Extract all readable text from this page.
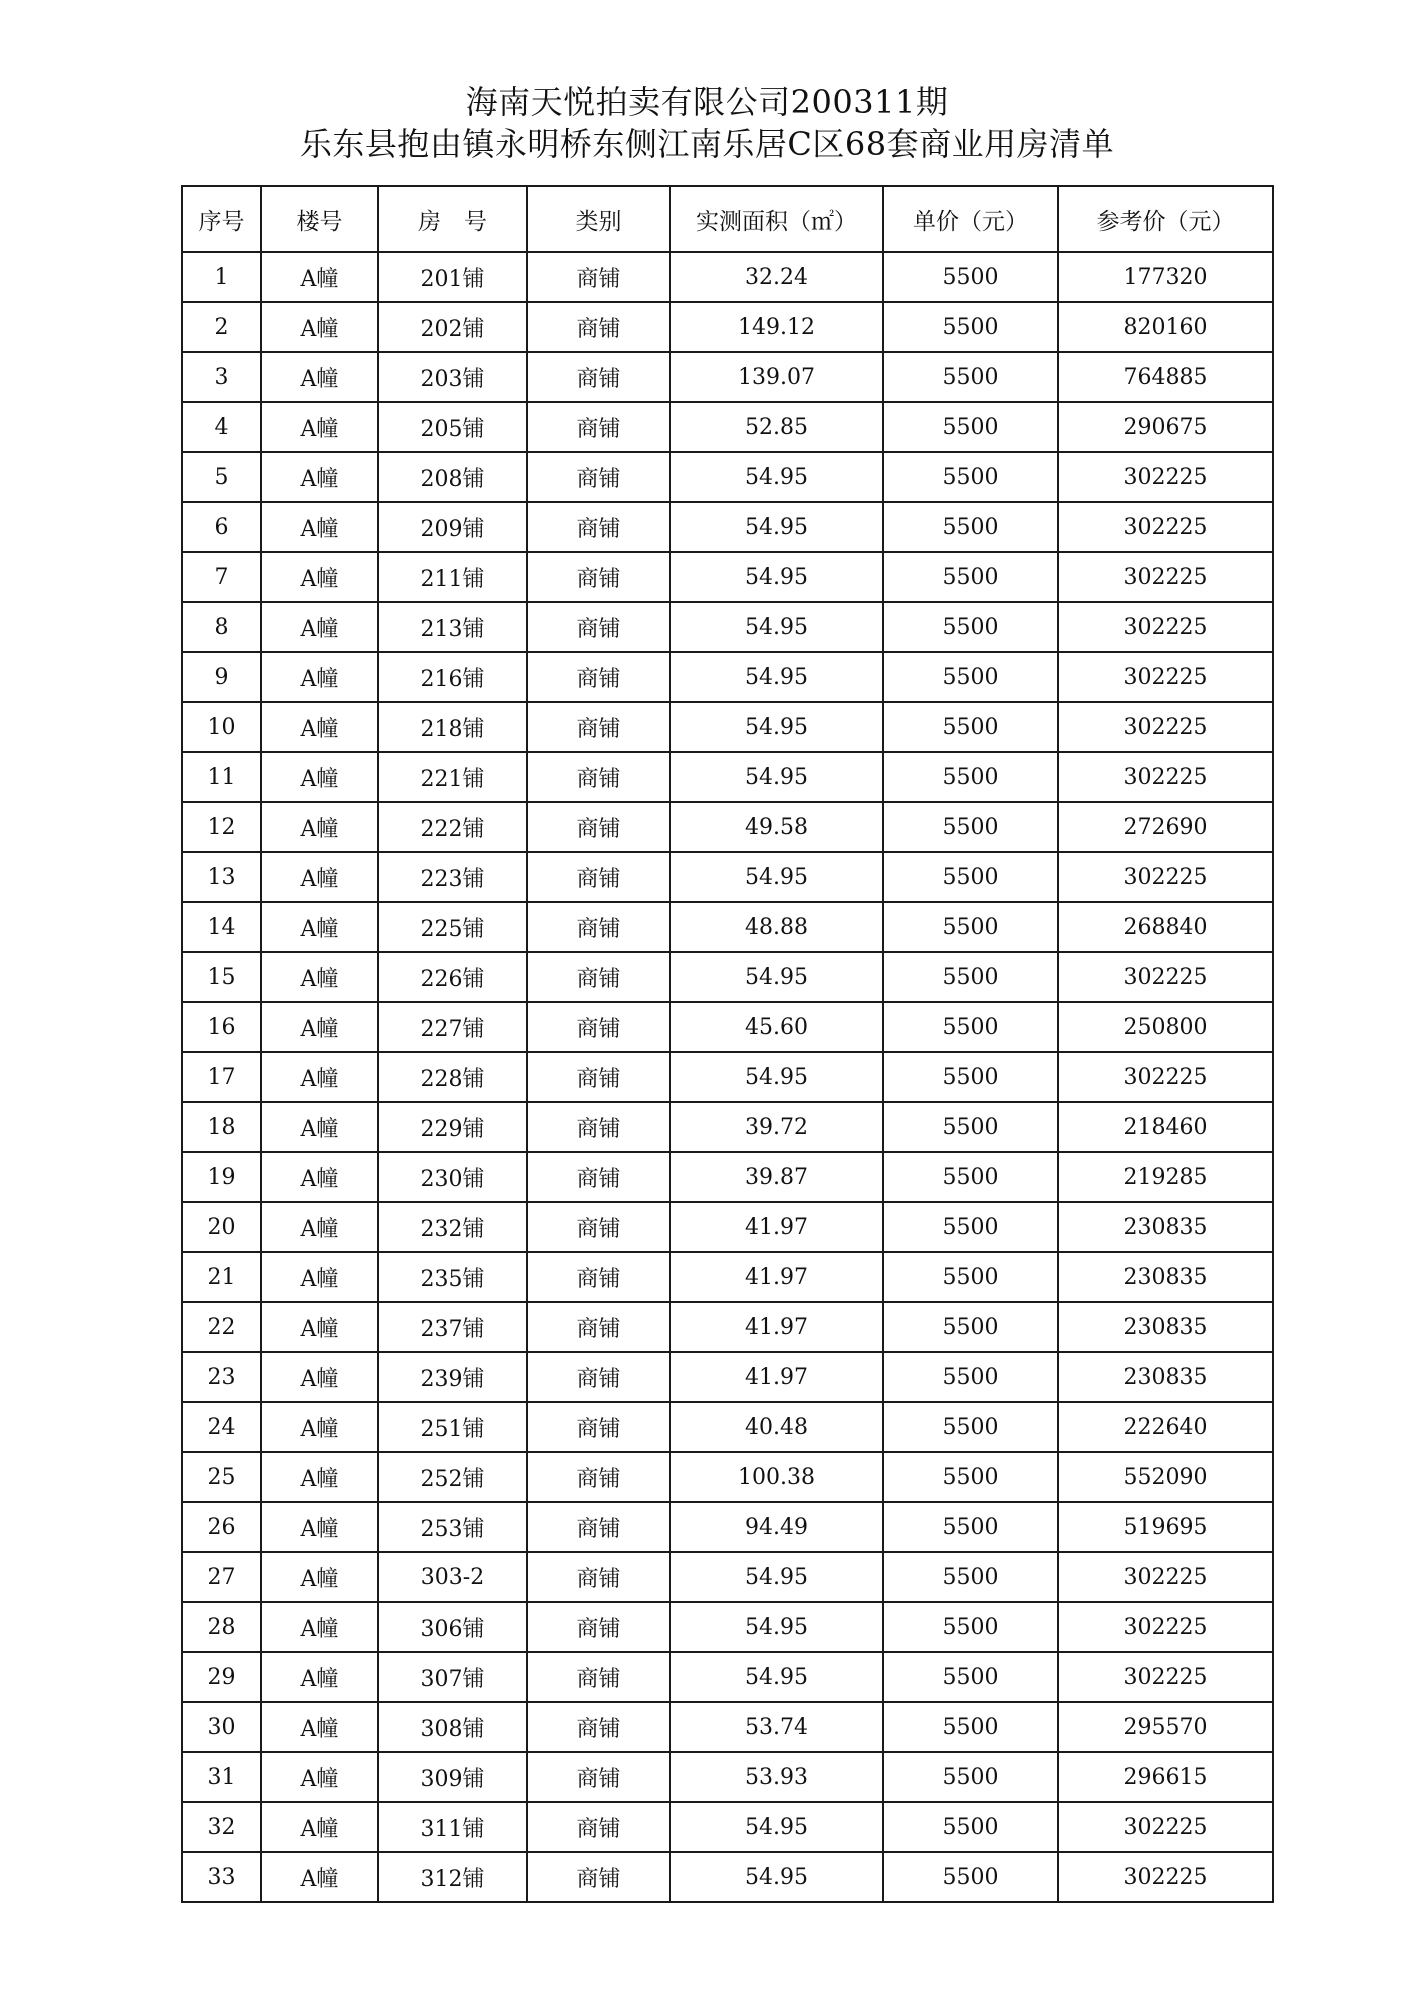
海南天悦拍卖有限公司200311期
乐东县抱由镇永明桥东侧江南乐居C区68套商业用房清单
序号	楼号	房　号	类别	实测面积（㎡）	单价（元）	参考价（元）
1	A幢	201铺	商铺	32.24	5500	177320
2	A幢	202铺	商铺	149.12	5500	820160
3	A幢	203铺	商铺	139.07	5500	764885
4	A幢	205铺	商铺	52.85	5500	290675
5	A幢	208铺	商铺	54.95	5500	302225
6	A幢	209铺	商铺	54.95	5500	302225
7	A幢	211铺	商铺	54.95	5500	302225
8	A幢	213铺	商铺	54.95	5500	302225
9	A幢	216铺	商铺	54.95	5500	302225
10	A幢	218铺	商铺	54.95	5500	302225
11	A幢	221铺	商铺	54.95	5500	302225
12	A幢	222铺	商铺	49.58	5500	272690
13	A幢	223铺	商铺	54.95	5500	302225
14	A幢	225铺	商铺	48.88	5500	268840
15	A幢	226铺	商铺	54.95	5500	302225
16	A幢	227铺	商铺	45.60	5500	250800
17	A幢	228铺	商铺	54.95	5500	302225
18	A幢	229铺	商铺	39.72	5500	218460
19	A幢	230铺	商铺	39.87	5500	219285
20	A幢	232铺	商铺	41.97	5500	230835
21	A幢	235铺	商铺	41.97	5500	230835
22	A幢	237铺	商铺	41.97	5500	230835
23	A幢	239铺	商铺	41.97	5500	230835
24	A幢	251铺	商铺	40.48	5500	222640
25	A幢	252铺	商铺	100.38	5500	552090
26	A幢	253铺	商铺	94.49	5500	519695
27	A幢	303-2	商铺	54.95	5500	302225
28	A幢	306铺	商铺	54.95	5500	302225
29	A幢	307铺	商铺	54.95	5500	302225
30	A幢	308铺	商铺	53.74	5500	295570
31	A幢	309铺	商铺	53.93	5500	296615
32	A幢	311铺	商铺	54.95	5500	302225
33	A幢	312铺	商铺	54.95	5500	302225
